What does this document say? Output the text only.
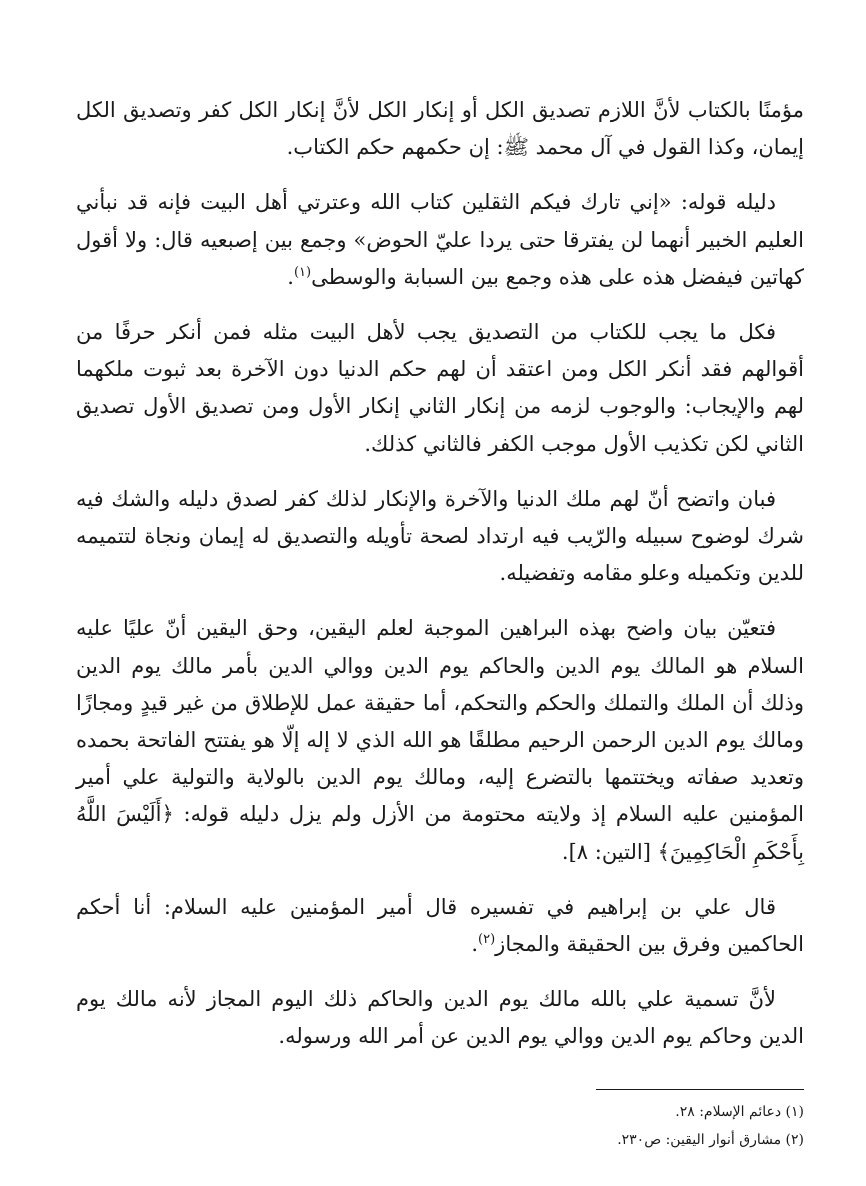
مؤمنًا بالكتاب لأنَّ اللازم تصديق الكل أو إنكار الكل لأنَّ إنكار الكل كفر وتصديق الكل إيمان، وكذا القول في آل محمد ﷺ: إن حكمهم حكم الكتاب.

دليله قوله: «إني تارك فيكم الثقلين كتاب الله وعترتي أهل البيت فإنه قد نبأني العليم الخبير أنهما لن يفترقا حتى يردا عليّ الحوض» وجمع بين إصبعيه قال: ولا أقول كهاتين فيفضل هذه على هذه وجمع بين السبابة والوسطى$^{(١)}$.

فكل ما يجب للكتاب من التصديق يجب لأهل البيت مثله فمن أنكر حرفًا من أقوالهم فقد أنكر الكل ومن اعتقد أن لهم حكم الدنيا دون الآخرة بعد ثبوت ملكهما لهم والإيجاب: والوجوب لزمه من إنكار الثاني إنكار الأول ومن تصديق الأول تصديق الثاني لكن تكذيب الأول موجب الكفر فالثاني كذلك.

فبان واتضح أنّ لهم ملك الدنيا والآخرة والإنكار لذلك كفر لصدق دليله والشك فيه شرك لوضوح سبيله والرّيب فيه ارتداد لصحة تأويله والتصديق له إيمان ونجاة لتتميمه للدين وتكميله وعلو مقامه وتفضيله.

فتعيّن بيان واضح بهذه البراهين الموجبة لعلم اليقين، وحق اليقين أنّ عليًا عليه السلام هو المالك يوم الدين والحاكم يوم الدين ووالي الدين بأمر مالك يوم الدين وذلك أن الملك والتملك والحكم والتحكم، أما حقيقة عمل للإطلاق من غير قيدٍ ومجازًا ومالك يوم الدين الرحمن الرحيم مطلقًا هو الله الذي لا إله إلّا هو يفتتح الفاتحة بحمده وتعديد صفاته ويختتمها بالتضرع إليه، ومالك يوم الدين بالولاية والتولية علي أمير المؤمنين عليه السلام إذ ولايته محتومة من الأزل ولم يزل دليله قوله: ﴿أَلَيْسَ اللَّهُ بِأَحْكَمِ الْحَاكِمِينَ﴾ [التين: ٨].

قال علي بن إبراهيم في تفسيره قال أمير المؤمنين عليه السلام: أنا أحكم الحاكمين وفرق بين الحقيقة والمجاز$^{(٢)}$.

لأنَّ تسمية علي بالله مالك يوم الدين والحاكم ذلك اليوم المجاز لأنه مالك يوم الدين وحاكم يوم الدين ووالي يوم الدين عن أمر الله ورسوله.

(١) دعائم الإسلام: ٢٨.

(٢) مشارق أنوار اليقين: ص٢٣٠.
